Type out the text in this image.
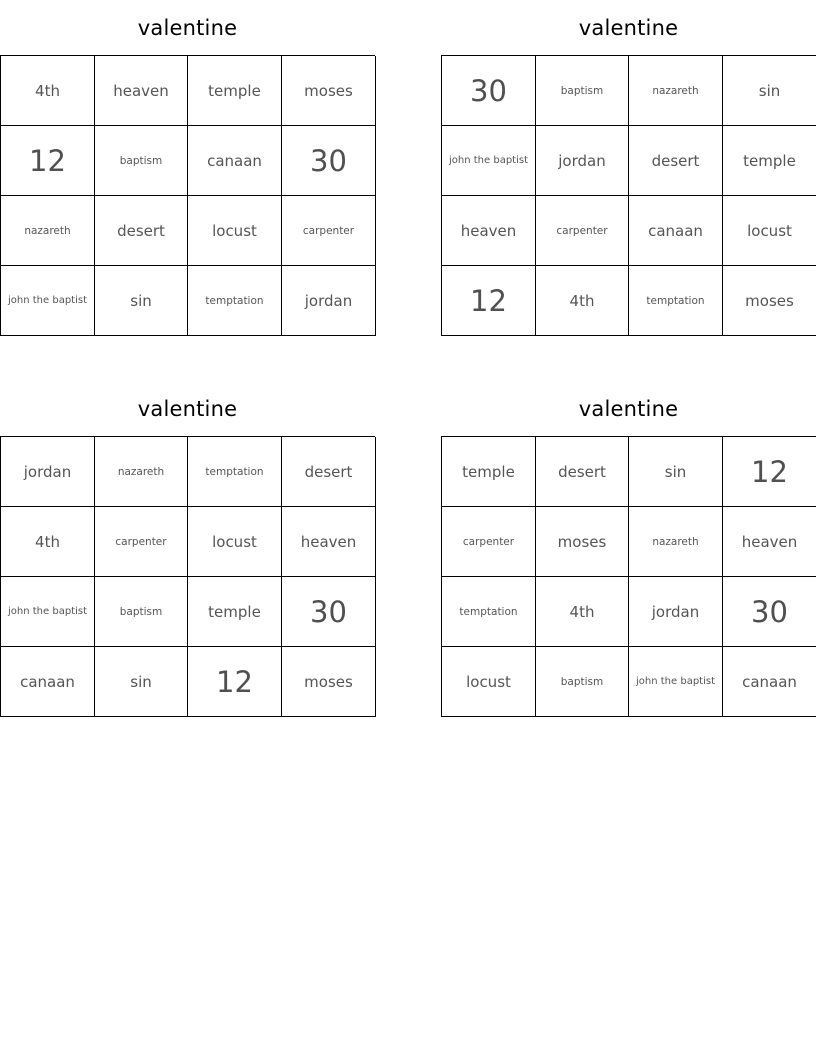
valentine
4th	heaven	temple	moses
12	baptism	canaan	30
nazareth	desert	locust	carpenter
john the baptist	sin	temptation	jordan
valentine
30	baptism	nazareth	sin
john the baptist	jordan	desert	temple
heaven	carpenter	canaan	locust
12	4th	temptation	moses
valentine
jordan	nazareth	temptation	desert
4th	carpenter	locust	heaven
john the baptist	baptism	temple	30
canaan	sin	12	moses
valentine
temple	desert	sin	12
carpenter	moses	nazareth	heaven
temptation	4th	jordan	30
locust	baptism	john the baptist	canaan
